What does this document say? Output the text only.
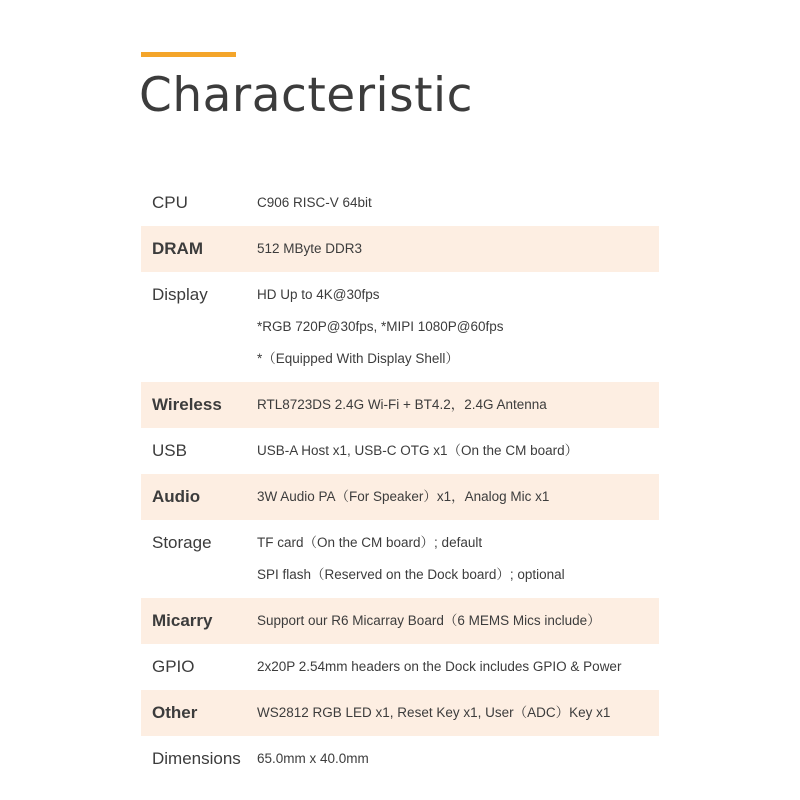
Characteristic
CPU	C906 RISC-V 64bit
DRAM	512 MByte DDR3
Display	HD Up to 4K@30fps
*RGB 720P@30fps, *MIPI 1080P@60fps
*（Equipped With Display Shell）
Wireless	RTL8723DS 2.4G Wi-Fi + BT4.2，2.4G Antenna
USB	USB-A Host x1, USB-C OTG x1（On the CM board）
Audio	3W Audio PA（For Speaker）x1，Analog Mic x1
Storage	TF card（On the CM board）; default
SPI flash（Reserved on the Dock board）; optional
Micarry	Support our R6 Micarray Board（6 MEMS Mics include）
GPIO	2x20P 2.54mm headers on the Dock includes GPIO & Power
Other	WS2812 RGB LED x1, Reset Key x1, User（ADC）Key x1
Dimensions	65.0mm x 40.0mm
